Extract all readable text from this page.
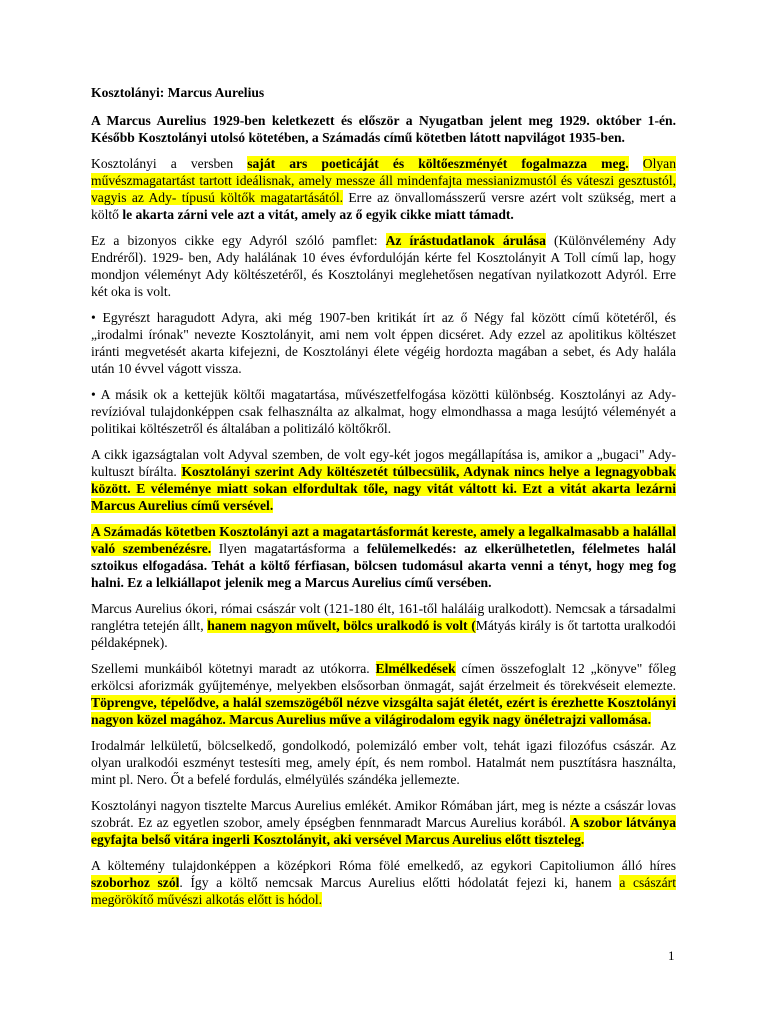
Kosztolányi: Marcus Aurelius

A Marcus Aurelius 1929-ben keletkezett és először a Nyugatban jelent meg 1929. október 1-én. Később Kosztolányi utolsó kötetében, a Számadás című kötetben látott napvilágot 1935-ben.

Kosztolányi a versben saját ars poeticáját és költőeszményét fogalmazza meg. Olyan művészmagatartást tartott ideálisnak, amely messze áll mindenfajta messianizmustól és váteszi gesztustól, vagyis az Ady- típusú költők magatartásától. Erre az önvallomásszerű versre azért volt szükség, mert a költő le akarta zárni vele azt a vitát, amely az ő egyik cikke miatt támadt.

Ez a bizonyos cikke egy Adyról szóló pamflet: Az írástudatlanok árulása (Különvélemény Ady Endréről). 1929- ben, Ady halálának 10 éves évfordulóján kérte fel Kosztolányit A Toll című lap, hogy mondjon véleményt Ady költészetéről, és Kosztolányi meglehetősen negatívan nyilatkozott Adyról. Erre két oka is volt.

• Egyrészt haragudott Adyra, aki még 1907-ben kritikát írt az ő Négy fal között című kötetéről, és „irodalmi írónak" nevezte Kosztolányit, ami nem volt éppen dicséret. Ady ezzel az apolitikus költészet iránti megvetését akarta kifejezni, de Kosztolányi élete végéig hordozta magában a sebet, és Ady halála után 10 évvel vágott vissza.

• A másik ok a kettejük költői magatartása, művészetfelfogása közötti különbség. Kosztolányi az Ady-revízióval tulajdonképpen csak felhasználta az alkalmat, hogy elmondhassa a maga lesújtó véleményét a politikai költészetről és általában a politizáló költőkről.

A cikk igazságtalan volt Adyval szemben, de volt egy-két jogos megállapítása is, amikor a „bugaci" Ady- kultuszt bírálta. Kosztolányi szerint Ady költészetét túlbecsülik, Adynak nincs helye a legnagyobbak között. E véleménye miatt sokan elfordultak tőle, nagy vitát váltott ki. Ezt a vitát akarta lezárni Marcus Aurelius című versével.

A Számadás kötetben Kosztolányi azt a magatartásformát kereste, amely a legalkalmasabb a halállal való szembenézésre. Ilyen magatartásforma a felülemelkedés: az elkerülhetetlen, félelmetes halál sztoikus elfogadása. Tehát a költő férfiasan, bölcsen tudomásul akarta venni a tényt, hogy meg fog halni. Ez a lelkiállapot jelenik meg a Marcus Aurelius című versében.

Marcus Aurelius ókori, római császár volt (121-180 élt, 161-től haláláig uralkodott). Nemcsak a társadalmi ranglétra tetején állt, hanem nagyon művelt, bölcs uralkodó is volt (Mátyás király is őt tartotta uralkodói példaképnek).

Szellemi munkáiból kötetnyi maradt az utókorra. Elmélkedések címen összefoglalt 12 „könyve" főleg erkölcsi aforizmák gyűjteménye, melyekben elsősorban önmagát, saját érzelmeit és törekvéseit elemezte. Töprengve, tépelődve, a halál szemszögéből nézve vizsgálta saját életét, ezért is érezhette Kosztolányi nagyon közel magához. Marcus Aurelius műve a világirodalom egyik nagy önéletrajzi vallomása.

Irodalmár lelkületű, bölcselkedő, gondolkodó, polemizáló ember volt, tehát igazi filozófus császár. Az olyan uralkodói eszményt testesíti meg, amely épít, és nem rombol. Hatalmát nem pusztításra használta, mint pl. Nero. Őt a befelé fordulás, elmélyülés szándéka jellemezte.

Kosztolányi nagyon tisztelte Marcus Aurelius emlékét. Amikor Rómában járt, meg is nézte a császár lovas szobrát. Ez az egyetlen szobor, amely épségben fennmaradt Marcus Aurelius korából. A szobor látványa egyfajta belső vitára ingerli Kosztolányit, aki versével Marcus Aurelius előtt tiszteleg.

A költemény tulajdonképpen a középkori Róma fölé emelkedő, az egykori Capitoliumon álló híres szoborhoz szól. Így a költő nemcsak Marcus Aurelius előtti hódolatát fejezi ki, hanem a császárt megörökítő művészi alkotás előtt is hódol.

1
